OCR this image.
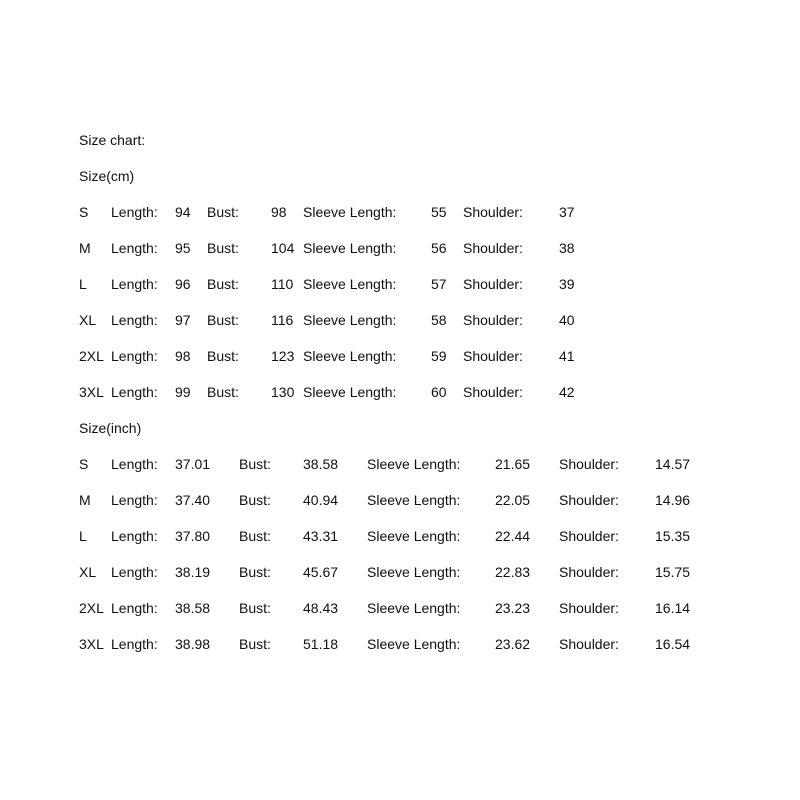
Size chart:
Size(cm)
S Length: 94 Bust: 98 Sleeve Length: 55 Shoulder:	37
M Length: 95 Bust: 104 Sleeve Length: 56 Shoulder:	38
L Length: 96 Bust: 110 Sleeve Length: 57 Shoulder:	39
XL Length: 97 Bust: 116 Sleeve Length: 58 Shoulder:	40
2XL Length: 98 Bust: 123 Sleeve Length: 59 Shoulder:	41
3XL Length: 99 Bust: 130 Sleeve Length: 60 Shoulder:	42
Size(inch)
S Length: 37.01 Bust: 38.58 Sleeve Length: 21.65 Shoulder:	14.57
M Length: 37.40 Bust: 40.94 Sleeve Length: 22.05 Shoulder:	14.96
L Length: 37.80 Bust: 43.31 Sleeve Length: 22.44 Shoulder:	15.35
XL Length: 38.19 Bust: 45.67 Sleeve Length: 22.83 Shoulder:	15.75
2XL Length: 38.58 Bust: 48.43 Sleeve Length: 23.23 Shoulder:	16.14
3XL Length: 38.98 Bust: 51.18 Sleeve Length: 23.62 Shoulder:	16.54
